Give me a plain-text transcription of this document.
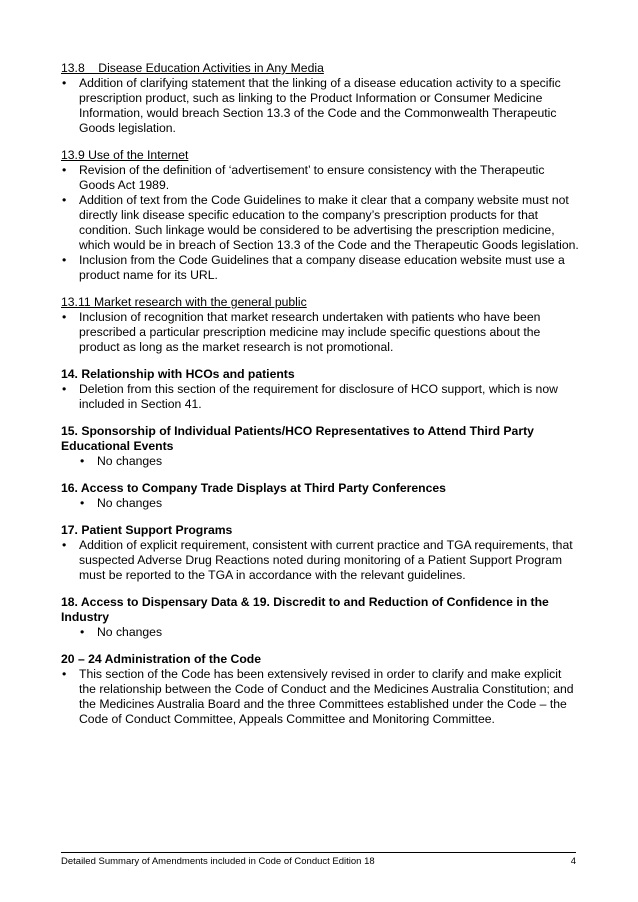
13.8    Disease Education Activities in Any Media

• Addition of clarifying statement that the linking of a disease education activity to a specific prescription product, such as linking to the Product Information or Consumer Medicine Information, would breach Section 13.3 of the Code and the Commonwealth Therapeutic Goods legislation.

13.9 Use of the Internet

• Revision of the definition of ‘advertisement’ to ensure consistency with the Therapeutic Goods Act 1989.
• Addition of text from the Code Guidelines to make it clear that a company website must not directly link disease specific education to the company’s prescription products for that condition. Such linkage would be considered to be advertising the prescription medicine, which would be in breach of Section 13.3 of the Code and the Therapeutic Goods legislation.
• Inclusion from the Code Guidelines that a company disease education website must use a product name for its URL.

13.11 Market research with the general public

• Inclusion of recognition that market research undertaken with patients who have been prescribed a particular prescription medicine may include specific questions about the product as long as the market research is not promotional.

14. Relationship with HCOs and patients

• Deletion from this section of the requirement for disclosure of HCO support, which is now included in Section 41.

15. Sponsorship of Individual Patients/HCO Representatives to Attend Third Party Educational Events

• No changes

16. Access to Company Trade Displays at Third Party Conferences

• No changes

17. Patient Support Programs

• Addition of explicit requirement, consistent with current practice and TGA requirements, that suspected Adverse Drug Reactions noted during monitoring of a Patient Support Program must be reported to the TGA in accordance with the relevant guidelines.

18. Access to Dispensary Data & 19. Discredit to and Reduction of Confidence in the Industry

• No changes

20 – 24 Administration of the Code

• This section of the Code has been extensively revised in order to clarify and make explicit the relationship between the Code of Conduct and the Medicines Australia Constitution; and the Medicines Australia Board and the three Committees established under the Code – the Code of Conduct Committee, Appeals Committee and Monitoring Committee.
Detailed Summary of Amendments included in Code of Conduct Edition 18	4
